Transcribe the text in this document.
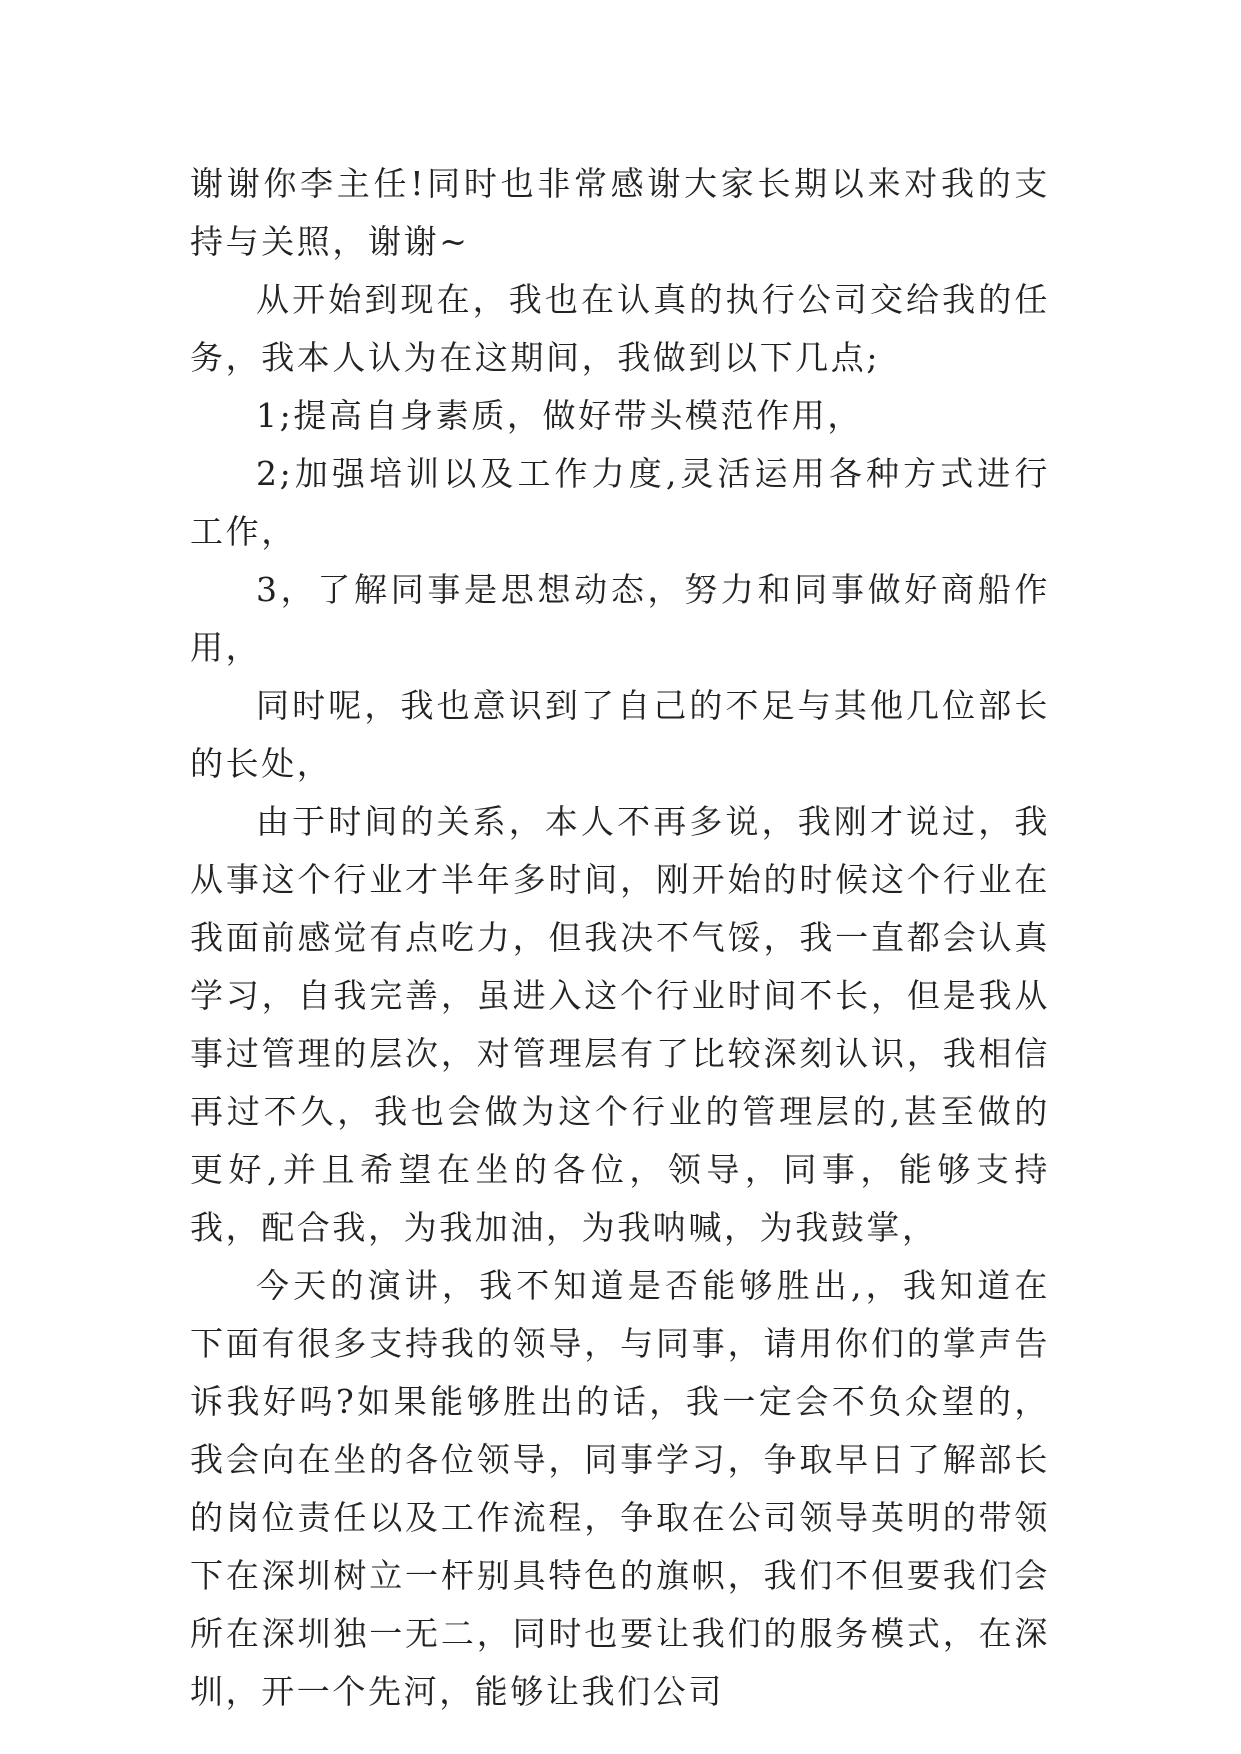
谢谢你李主任!同时也非常感谢大家长期以来对我的支持与关照，谢谢~

从开始到现在，我也在认真的执行公司交给我的任务，我本人认为在这期间，我做到以下几点;

1;提高自身素质，做好带头模范作用，

2;加强培训以及工作力度,灵活运用各种方式进行工作，

3，了解同事是思想动态，努力和同事做好商船作用，

同时呢，我也意识到了自己的不足与其他几位部长的长处，

由于时间的关系，本人不再多说，我刚才说过，我从事这个行业才半年多时间，刚开始的时候这个行业在我面前感觉有点吃力，但我决不气馁，我一直都会认真学习，自我完善，虽进入这个行业时间不长，但是我从事过管理的层次，对管理层有了比较深刻认识，我相信再过不久，我也会做为这个行业的管理层的,甚至做的更好,并且希望在坐的各位，领导，同事，能够支持我，配合我，为我加油，为我呐喊，为我鼓掌，

今天的演讲，我不知道是否能够胜出,，我知道在下面有很多支持我的领导，与同事，请用你们的掌声告诉我好吗?如果能够胜出的话，我一定会不负众望的，我会向在坐的各位领导，同事学习，争取早日了解部长的岗位责任以及工作流程，争取在公司领导英明的带领下在深圳树立一杆别具特色的旗帜，我们不但要我们会所在深圳独一无二，同时也要让我们的服务模式，在深圳，开一个先河，能够让我们公司
